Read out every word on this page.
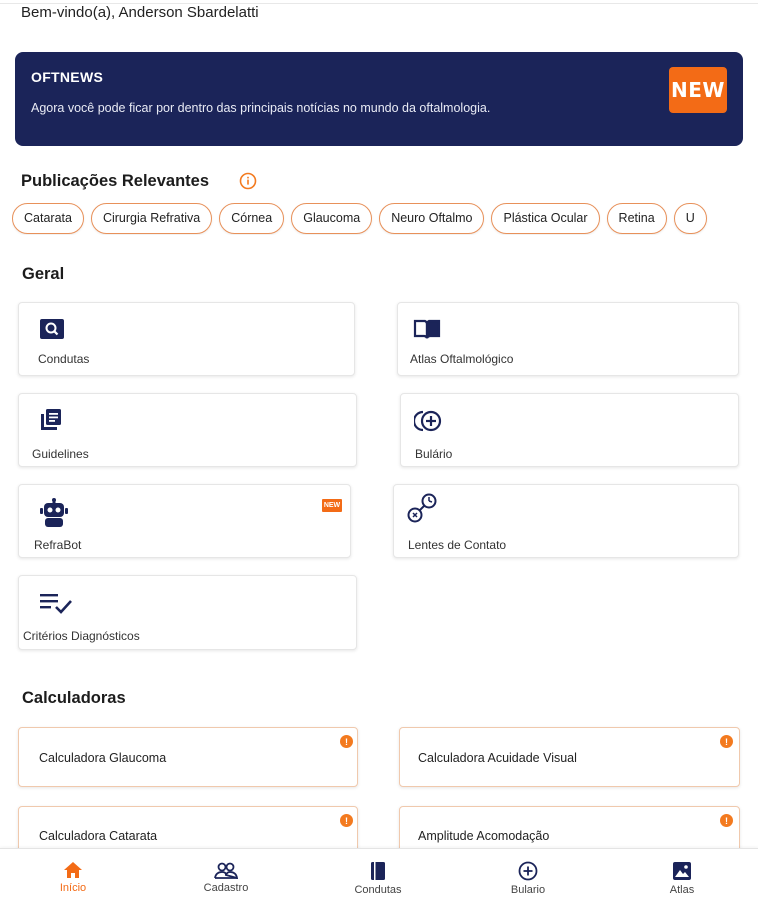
Bem-vindo(a), Anderson Sbardelatti
OFTNEWS
Agora você pode ficar por dentro das principais notícias no mundo da oftalmologia.
NEW
Publicações Relevantes
Catarata	Cirurgia Refrativa	Córnea	Glaucoma	Neuro Oftalmo	Plástica Ocular	Retina	U
Geral
Condutas	Atlas Oftalmológico
Guidelines	Bulário
NEW
RefraBot	Lentes de Contato
Critérios Diagnósticos
Calculadoras
Calculadora Glaucoma
!
Calculadora Acuidade Visual
!
Calculadora Catarata
!
Amplitude Acomodação
!
Início	Cadastro	Condutas	Bulario	Atlas
